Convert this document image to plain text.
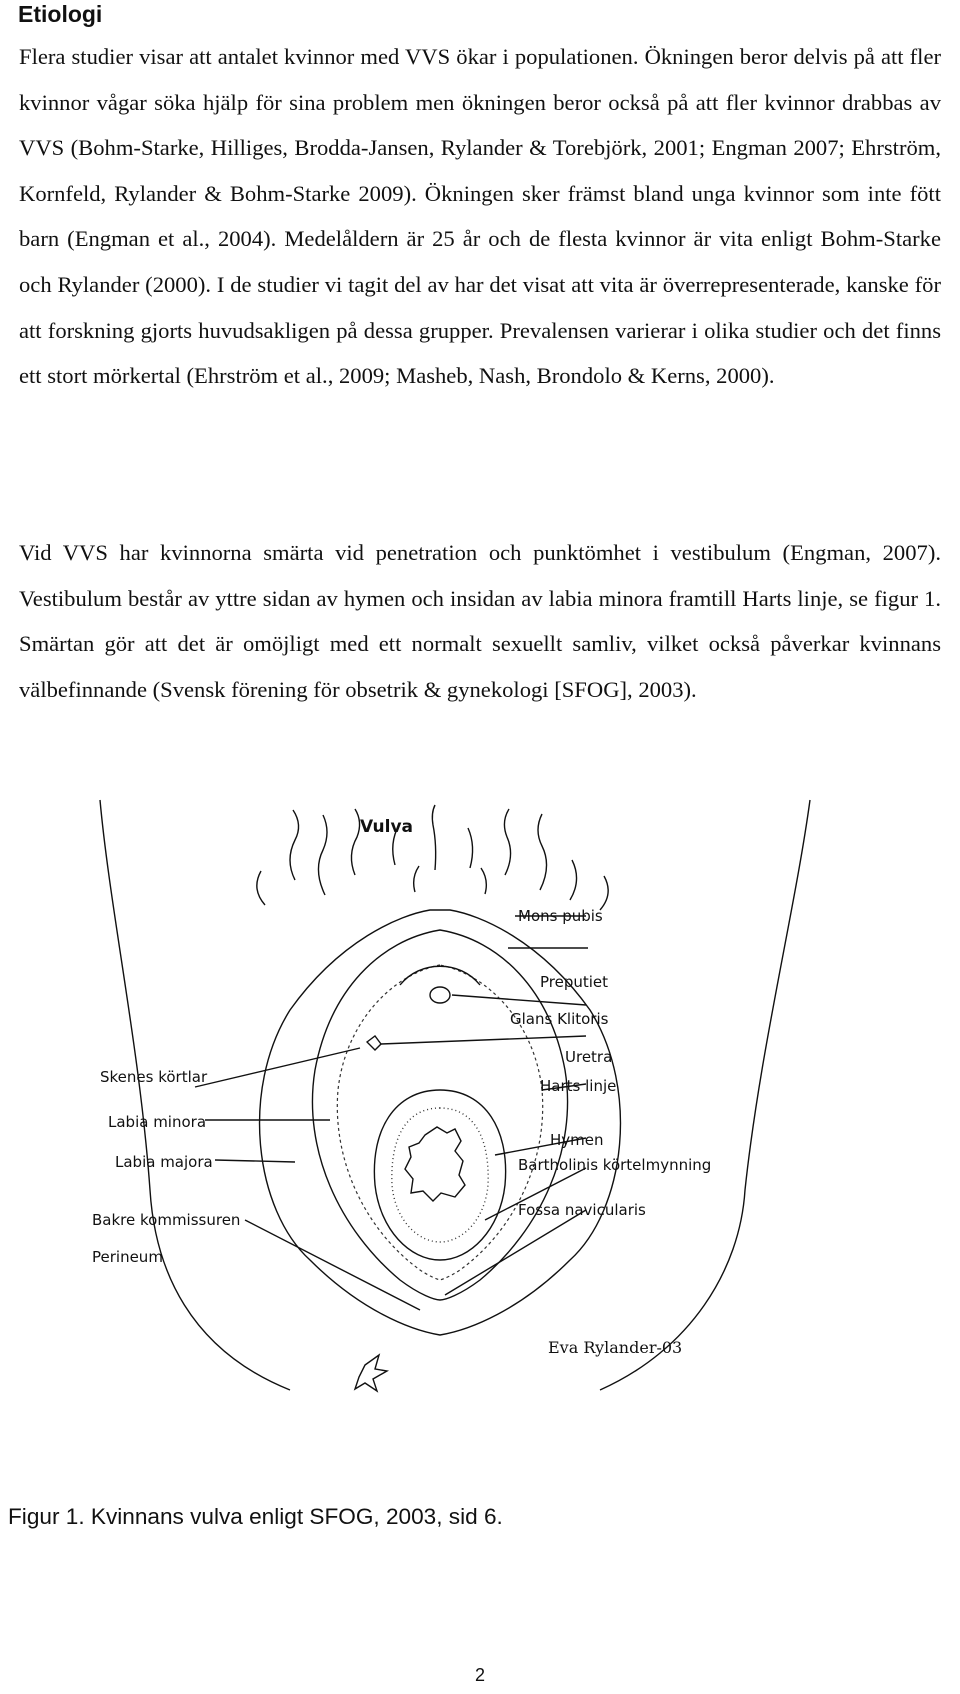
Etiologi

Flera studier visar att antalet kvinnor med VVS ökar i populationen. Ökningen beror delvis på att fler kvinnor vågar söka hjälp för sina problem men ökningen beror också på att fler kvinnor drabbas av VVS (Bohm-Starke, Hilliges, Brodda-Jansen, Rylander & Torebjörk, 2001; Engman 2007; Ehrström, Kornfeld, Rylander & Bohm-Starke 2009). Ökningen sker främst bland unga kvinnor som inte fött barn (Engman et al., 2004). Medelåldern är 25 år och de flesta kvinnor är vita enligt Bohm-Starke och Rylander (2000). I de studier vi tagit del av har det visat att vita är överrepresenterade, kanske för att forskning gjorts huvudsakligen på dessa grupper. Prevalensen varierar i olika studier och det finns ett stort mörkertal (Ehrström et al., 2009; Masheb, Nash, Brondolo & Kerns, 2000).

Vid VVS har kvinnorna smärta vid penetration och punktömhet i vestibulum (Engman, 2007). Vestibulum består av yttre sidan av hymen och insidan av labia minora framtill Harts linje, se figur 1. Smärtan gör att det är omöjligt med ett normalt sexuellt samliv, vilket också påverkar kvinnans välbefinnande (Svensk förening för obsetrik & gynekologi [SFOG], 2003).

Vulva
Mons pubis
Preputiet
Glans Klitoris
Uretra
Harts linje
Hymen
Bartholinis körtelmynning
Fossa navicularis
Skenes körtlar
Labia minora
Labia majora
Bakre kommissuren
Perineum
Eva Rylander-03

Figur 1. Kvinnans vulva enligt SFOG, 2003, sid 6.

2
